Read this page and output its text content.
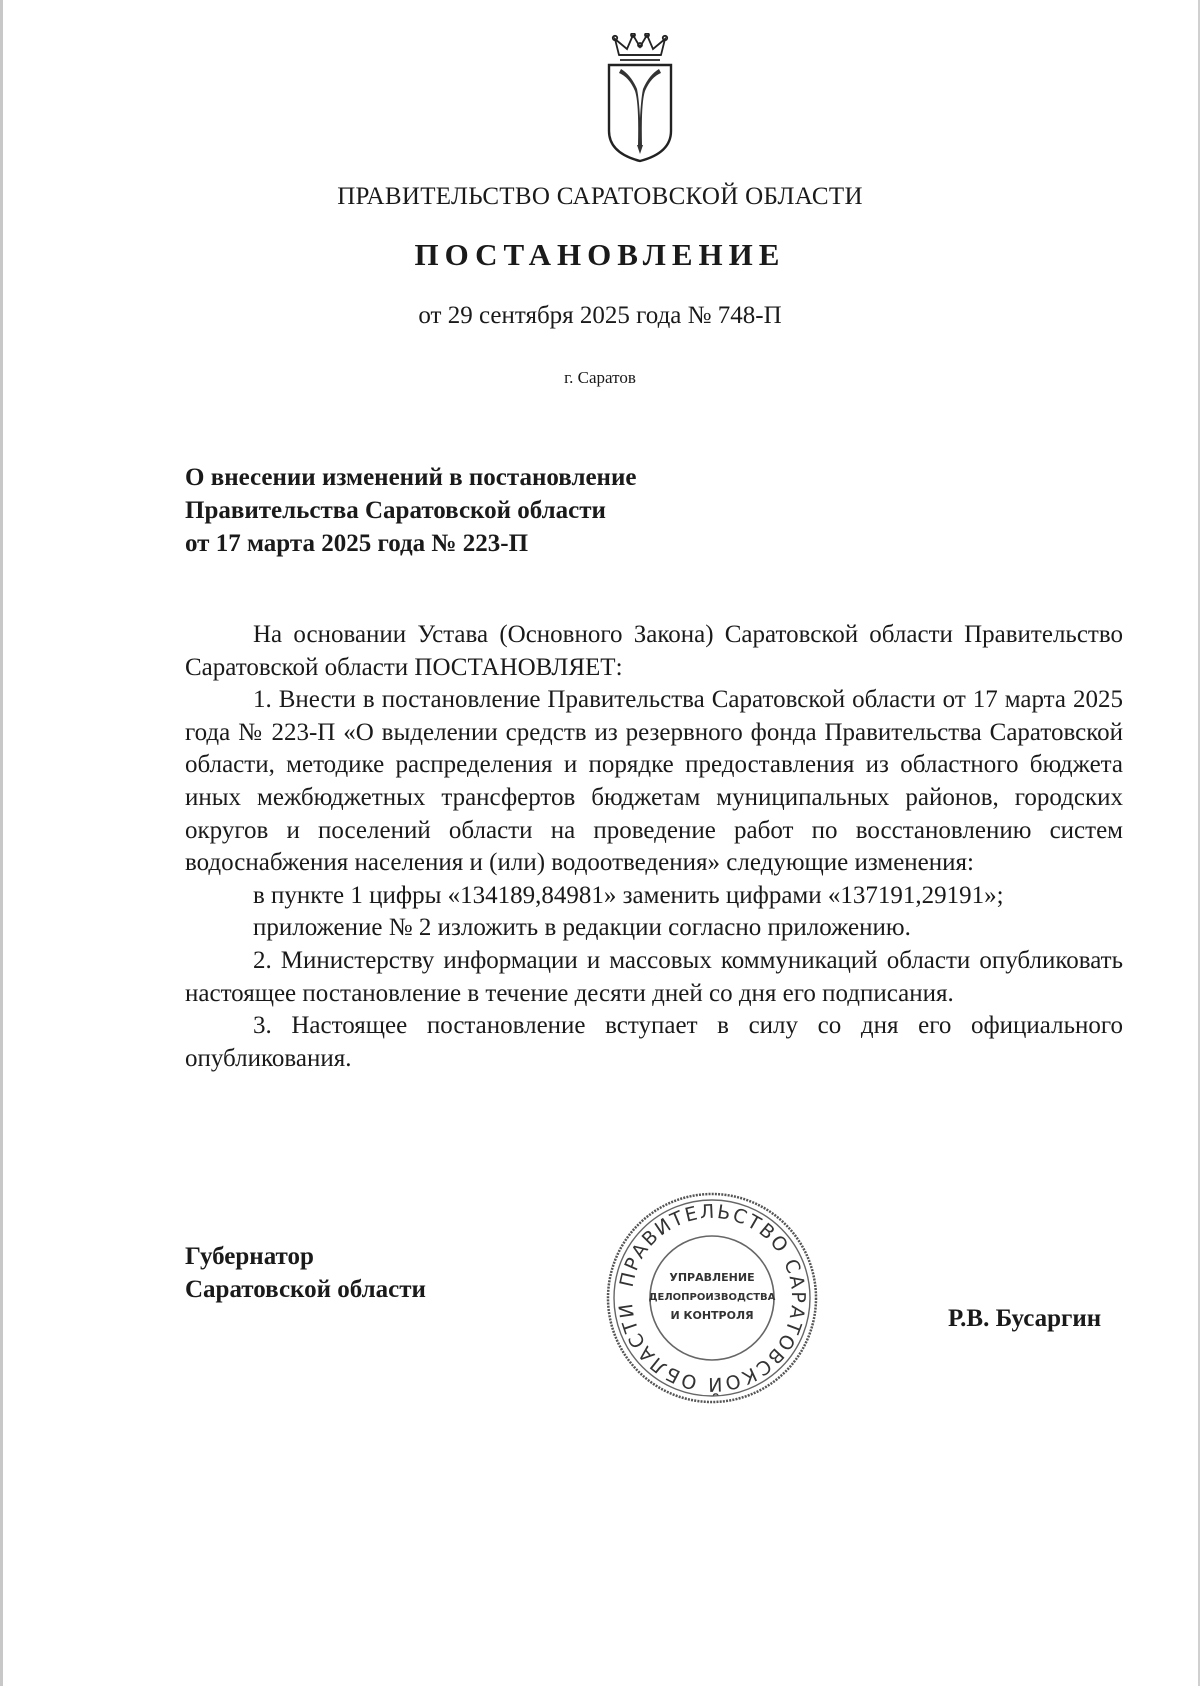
ПРАВИТЕЛЬСТВО САРАТОВСКОЙ ОБЛАСТИ
ПОСТАНОВЛЕНИЕ
от 29 сентября 2025 года № 748-П
г. Саратов
О внесении изменений в постановление
Правительства Саратовской области
от 17 марта 2025 года № 223-П

На основании Устава (Основного Закона) Саратовской области Правительство Саратовской области ПОСТАНОВЛЯЕТ:

1. Внести в постановление Правительства Саратовской области от 17 марта 2025 года № 223-П «О выделении средств из резервного фонда Правительства Саратовской области, методике распределения и порядке предоставления из областного бюджета иных межбюджетных трансфертов бюджетам муниципальных районов, городских округов и поселений области на проведение работ по восстановлению систем водоснабжения населения и (или) водоотведения» следующие изменения:

в пункте 1 цифры «134189,84981» заменить цифрами «137191,29191»;

приложение № 2 изложить в редакции согласно приложению.

2. Министерству информации и массовых коммуникаций области опубликовать настоящее постановление в течение десяти дней со дня его подписания.

3. Настоящее постановление вступает в силу со дня его официального опубликования.

Губернатор
Саратовской области	ПРАВИТЕЛЬСТВО САРАТОВСКОЙ ОБЛАСТИ
УПРАВЛЕНИЕ
ДЕЛОПРОИЗВОДСТВА
И КОНТРОЛЯ	Р.В. Бусаргин
